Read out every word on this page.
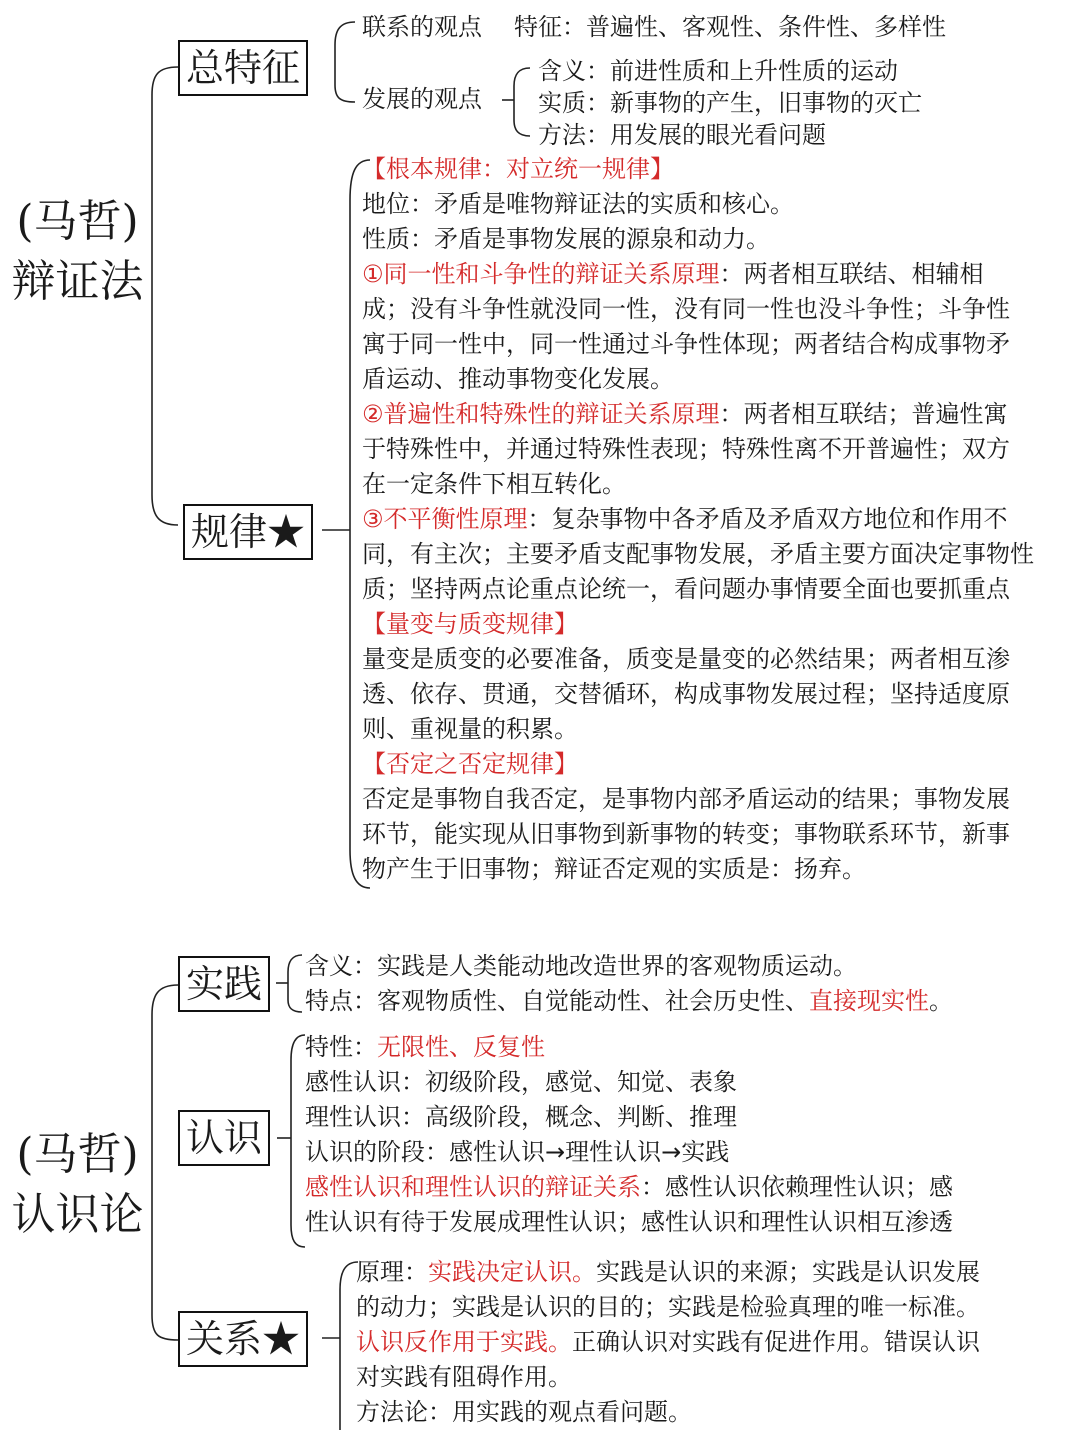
(马哲)
辩证法
总特征
联系的观点 特征：普遍性、客观性、条件性、多样性
发展的观点
含义：前进性质和上升性质的运动
实质：新事物的产生，旧事物的灭亡
方法：用发展的眼光看问题
规律★
【根本规律：对立统一规律】
地位：矛盾是唯物辩证法的实质和核心。
性质：矛盾是事物发展的源泉和动力。
①同一性和斗争性的辩证关系原理：两者相互联结、相辅相
成；没有斗争性就没同一性，没有同一性也没斗争性；斗争性
寓于同一性中，同一性通过斗争性体现；两者结合构成事物矛
盾运动、推动事物变化发展。
②普遍性和特殊性的辩证关系原理：两者相互联结；普遍性寓
于特殊性中，并通过特殊性表现；特殊性离不开普遍性；双方
在一定条件下相互转化。
③不平衡性原理：复杂事物中各矛盾及矛盾双方地位和作用不
同，有主次；主要矛盾支配事物发展，矛盾主要方面决定事物性
质；坚持两点论重点论统一，看问题办事情要全面也要抓重点
【量变与质变规律】
量变是质变的必要准备，质变是量变的必然结果；两者相互渗
透、依存、贯通，交替循环，构成事物发展过程；坚持适度原
则、重视量的积累。
【否定之否定规律】
否定是事物自我否定，是事物内部矛盾运动的结果；事物发展
环节，能实现从旧事物到新事物的转变；事物联系环节，新事
物产生于旧事物；辩证否定观的实质是：扬弃。
(马哲)
认识论
实践	含义：实践是人类能动地改造世界的客观物质运动。
特点：客观物质性、自觉能动性、社会历史性、直接现实性。
认识
特性：无限性、反复性
感性认识：初级阶段，感觉、知觉、表象
理性认识：高级阶段，概念、判断、推理
认识的阶段：感性认识→理性认识→实践
感性认识和理性认识的辩证关系：感性认识依赖理性认识；感
性认识有待于发展成理性认识；感性认识和理性认识相互渗透
关系★
原理：实践决定认识。实践是认识的来源；实践是认识发展
的动力；实践是认识的目的；实践是检验真理的唯一标准。
认识反作用于实践。正确认识对实践有促进作用。错误认识
对实践有阻碍作用。
方法论：用实践的观点看问题。
